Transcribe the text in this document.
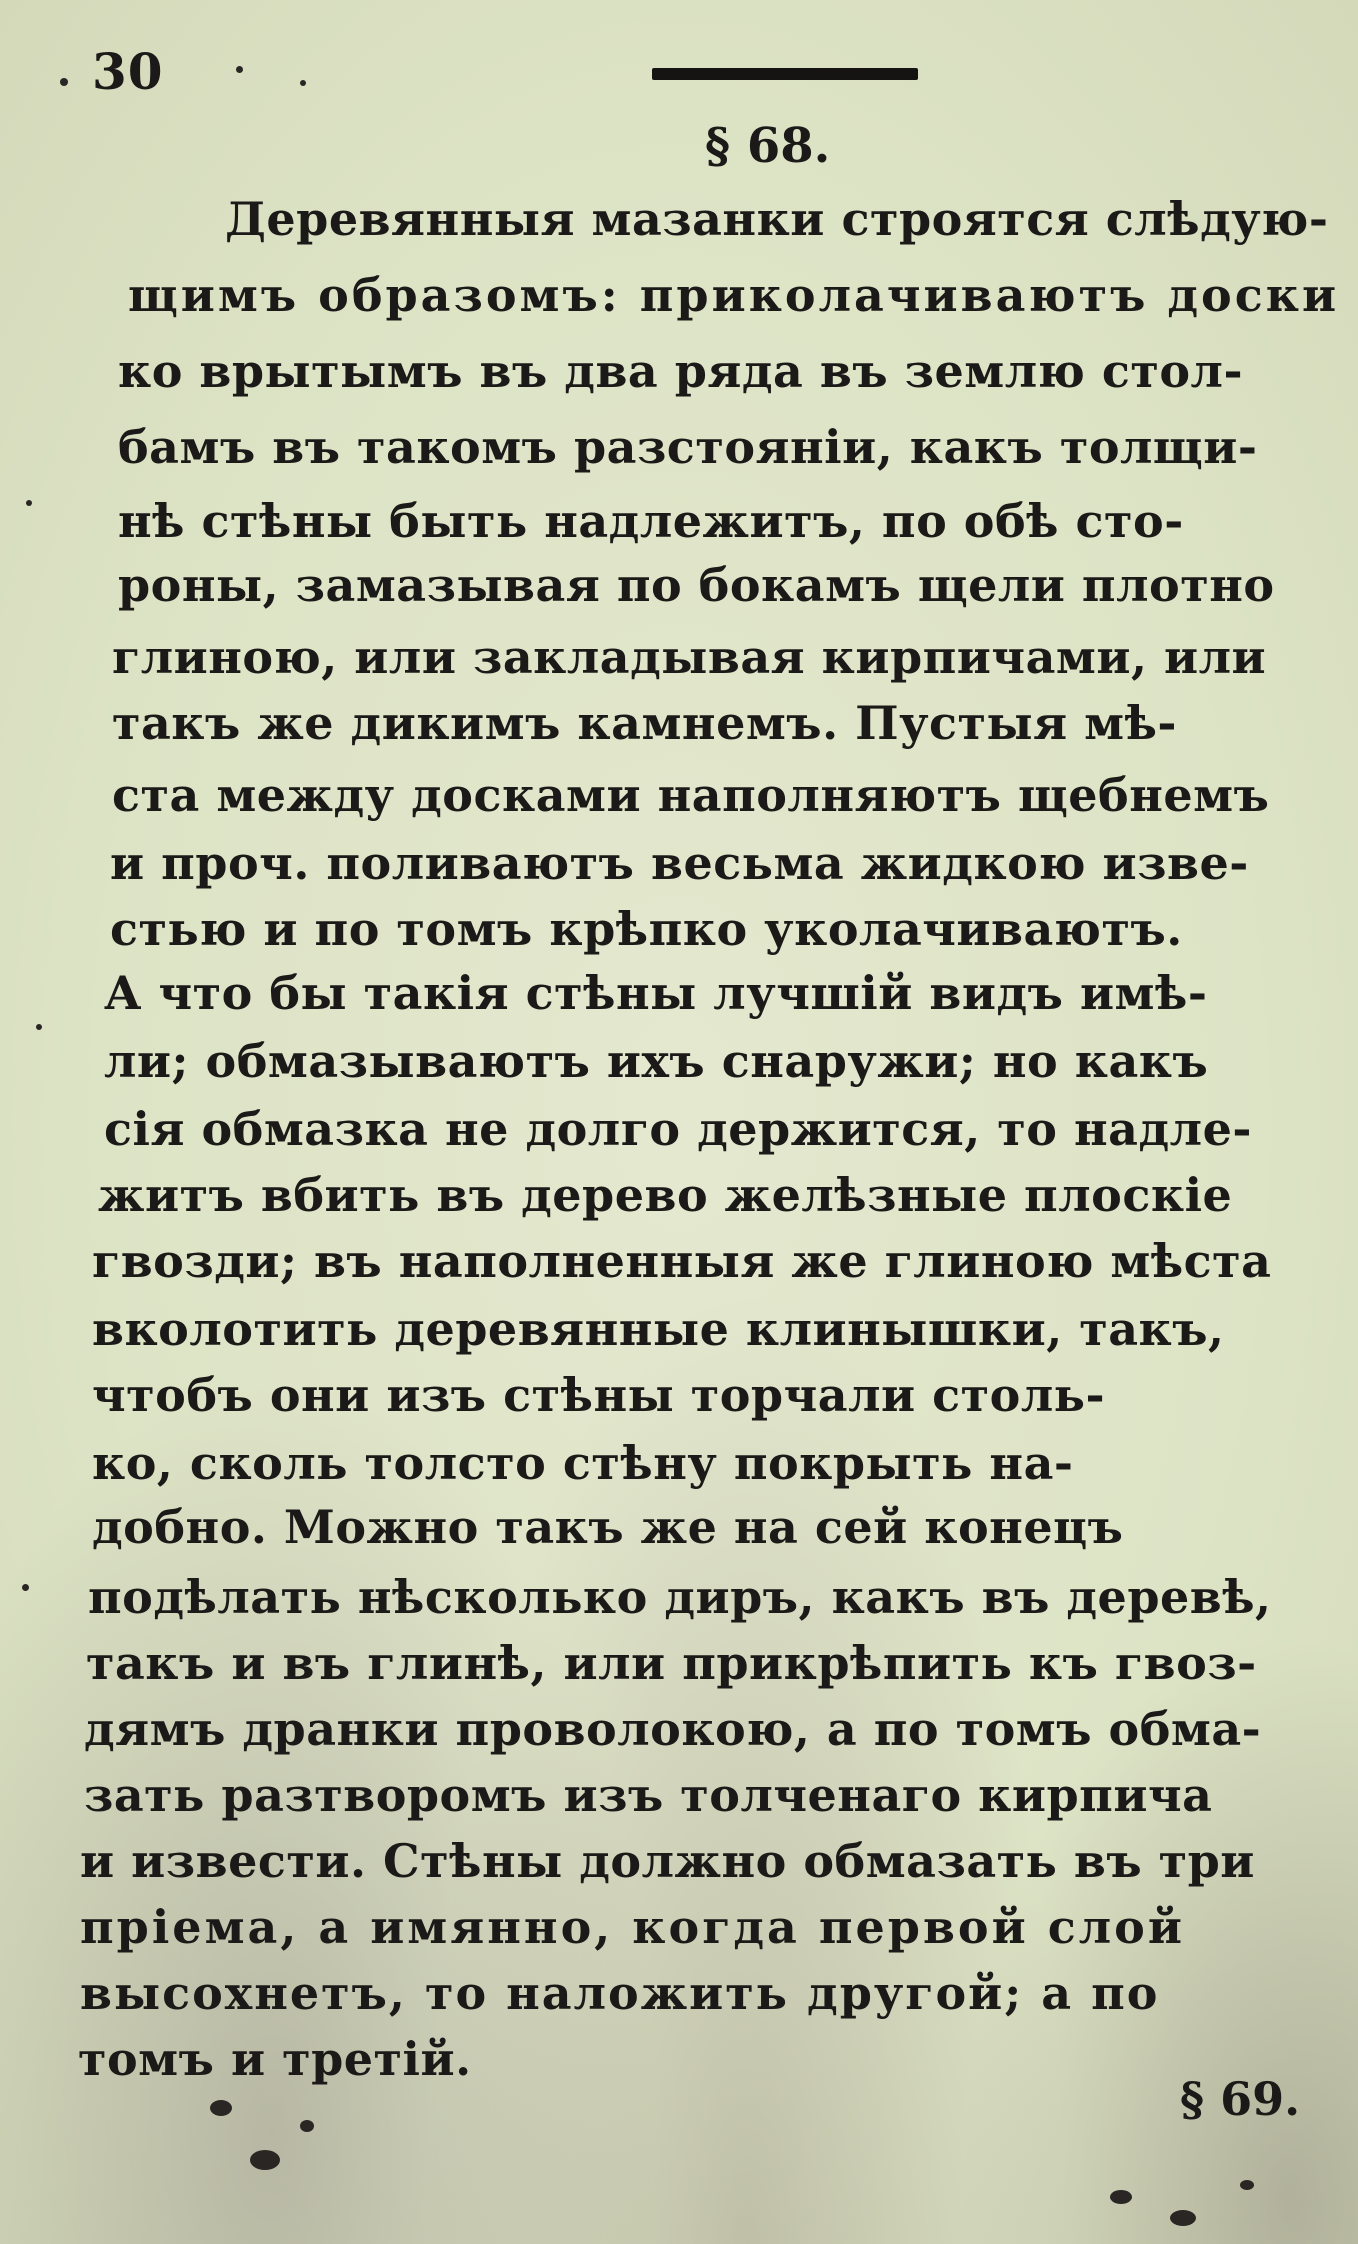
30
§ 68.
Деревянныя мазанки строятся слѣдую-
щимъ образомъ: приколачиваютъ доски
ко врытымъ въ два ряда въ землю стол-
бамъ въ такомъ разстоянiи, какъ толщи-
нѣ стѣны быть надлежитъ, по обѣ сто-
роны, замазывая по бокамъ щели плотно
глиною, или закладывая кирпичами, или
такъ же дикимъ камнемъ. Пустыя мѣ-
ста между досками наполняютъ щебнемъ
и проч. поливаютъ весьма жидкою изве-
стью и по томъ крѣпко уколачиваютъ.
А что бы такiя стѣны лучшiй видъ имѣ-
ли; обмазываютъ ихъ снаружи; но какъ
сiя обмазка не долго держится, то надле-
житъ вбить въ дерево желѣзные плоскiе
гвозди; въ наполненныя же глиною мѣста
вколотить деревянные клинышки, такъ,
чтобъ они изъ стѣны торчали столь-
ко, сколь толсто стѣну покрыть на-
добно. Можно такъ же на сей конецъ
подѣлать нѣсколько диръ, какъ въ деревѣ,
такъ и въ глинѣ, или прикрѣпить къ гвоз-
дямъ дранки проволокою, а по томъ обма-
зать разтворомъ изъ толченаго кирпича
и извести. Стѣны должно обмазать въ три
прiема, а имянно, когда первой слой
высохнетъ, то наложить другой; а по
томъ и третiй.
§ 69.
